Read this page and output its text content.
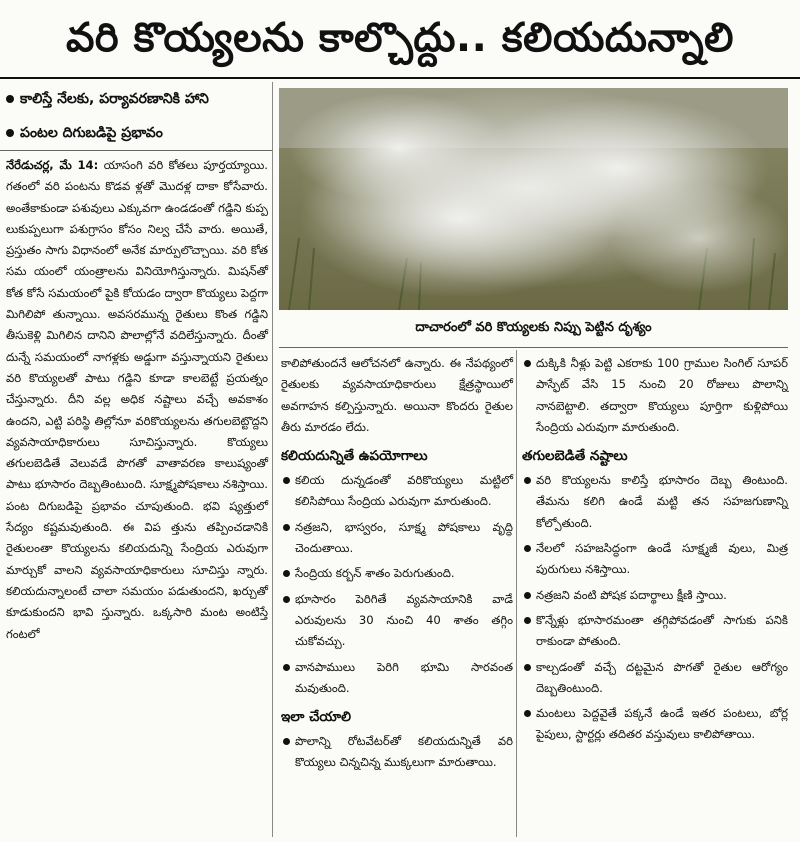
వరి కొయ్యలను కాల్చొద్దు.. కలియదున్నాలి
కాలిస్తే నేలకు, పర్యావరణానికి హాని
పంటల దిగుబడిపై ప్రభావం

నేరేడుచర్ల, మే 14: యాసంగి వరి కోతలు పూర్తయ్యాయి. గతంలో వరి పంటను కొడవ ళ్లతో మొదళ్ల దాకా కోసేవారు. అంతేకాకుండా పశువులు ఎక్కువగా ఉండడంతో గడ్డిని కుప్ప లుకుప్పలుగా పశుగ్రాసం కోసం నిల్వ చేసే వారు. అయితే, ప్రస్తుతం సాగు విధానంలో అనేక మార్పులొచ్చాయి. వరి కోత సమ యంలో యంత్రాలను వినియోగిస్తున్నారు. మిషన్‌తో కోత కోసే సమయంలో పైకి కోయడం ద్వారా కొయ్యలు పెద్దగా మిగిలిపో తున్నాయి. అవసరమున్న రైతులు కొంత గడ్డిని తీసుకెళ్లి మిగిలిన దానిని పొలాల్లోనే వదిలేస్తున్నారు. దీంతో దున్నే సమయంలో నాగళ్లకు అడ్డుగా వస్తున్నాయని రైతులు వరి కొయ్యలతో పాటు గడ్డిని కూడా కాలబెట్టే ప్రయత్నం చేస్తున్నారు. దీని వల్ల అధిక నష్టాలు వచ్చే అవకాశం ఉందని, ఎట్టి పరిస్థి తిల్లోనూ వరికొయ్యలను తగులబెట్టొద్దని వ్యవసాయాధికారులు సూచిస్తున్నారు. కొయ్యలు తగులబెడితే వెలువడే పొగతో వాతావరణ కాలుష్యంతో పాటు భూసారం దెబ్బతింటుంది. సూక్ష్మపోషకాలు నశిస్తాయి. పంట దిగుబడిపై ప్రభావం చూపుతుంది. భవి ష్యత్తులో సేద్యం కష్టమవుతుంది. ఈ విప త్తును తప్పించడానికి రైతులంతా కొయ్యలను కలియదున్ని సేంద్రియ ఎరువుగా మార్చుకో వాలని వ్యవసాయాధికారులు సూచిస్తు న్నారు. కలియదున్నాలంటే చాలా సమయం పడుతుందని, ఖర్చుతో కూడుకుందని భావి స్తున్నారు. ఒక్కసారి మంట అంటిస్తే గంటలో

దాచారంలో వరి కొయ్యలకు నిప్పు పెట్టిన దృశ్యం

కాలిపోతుందనే ఆలోచనలో ఉన్నారు. ఈ నేపథ్యంలో రైతులకు వ్యవసాయాధికారులు క్షేత్రస్థాయిలో అవగాహన కల్పిస్తున్నారు. అయినా కొందరు రైతుల తీరు మారడం లేదు.

కలియదున్నితే ఉపయోగాలు
కలియ దున్నడంతో వరికొయ్యలు మట్టిలో కలిసిపోయి సేంద్రియ ఎరువుగా మారుతుంది.
నత్రజని, భాస్వరం, సూక్ష్మ పోషకాలు వృద్ధి చెందుతాయి.
సేంద్రియ కర్బన్ శాతం పెరుగుతుంది.
భూసారం పెరిగితే వ్యవసాయానికి వాడే ఎరువులను 30 నుంచి 40 శాతం తగ్గిం చుకోవచ్చు.
వానపాములు పెరిగి భూమి సారవంత మవుతుంది.
ఇలా చేయాలి
పొలాన్ని రోటవేటర్‌తో కలియదున్నితే వరి కొయ్యలు చిన్నచిన్న ముక్కలుగా మారుతాయి.
దుక్కికి నీళ్లు పెట్టి ఎకరాకు 100 గ్రాముల సింగిల్ సూపర్ పాస్ఫేట్ వేసి 15 నుంచి 20 రోజులు పొలాన్ని నానబెట్టాలి. తద్వారా కొయ్యలు పూర్తిగా కుళ్లిపోయి సేంద్రియ ఎరువుగా మారుతుంది.
తగులబెడితే నష్టాలు
వరి కొయ్యలను కాలిస్తే భూసారం దెబ్బ తింటుంది. తేమను కలిగి ఉండే మట్టి తన సహజగుణాన్ని కోల్పోతుంది.
నేలలో సహజసిద్ధంగా ఉండే సూక్ష్మజీ వులు, మిత్ర పురుగులు నశిస్తాయి.
నత్రజని వంటి పోషక పదార్థాలు క్షీణి స్తాయి.
కొన్నేళ్లు భూసారమంతా తగ్గిపోవడంతో సాగుకు పనికి రాకుండా పోతుంది.
కాల్చడంతో వచ్చే దట్టమైన పొగతో రైతుల ఆరోగ్యం దెబ్బతింటుంది.
మంటలు పెద్దవైతే పక్కనే ఉండే ఇతర పంటలు, బోర్ల పైపులు, స్టార్టర్లు తదితర వస్తువులు కాలిపోతాయి.
